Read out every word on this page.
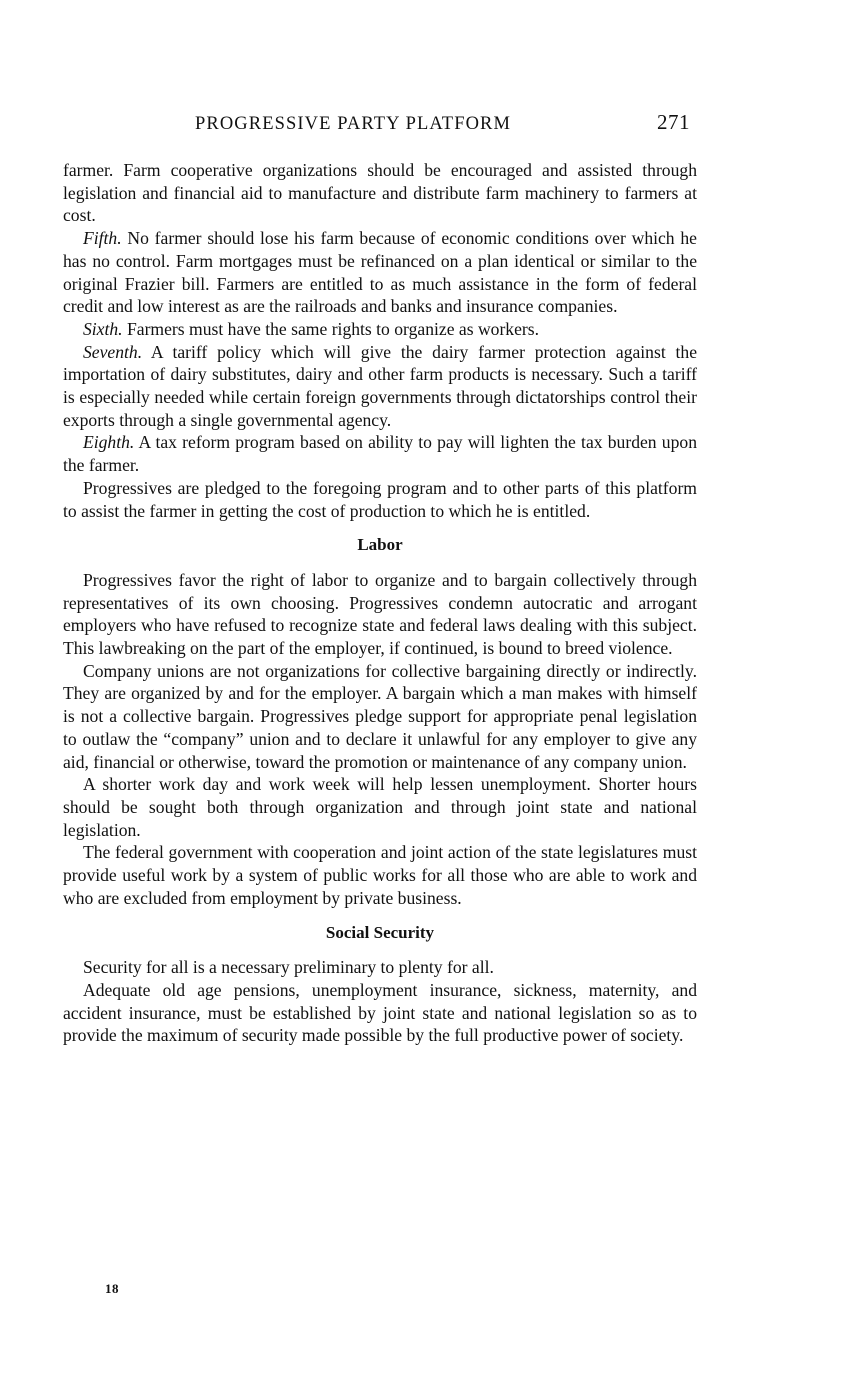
PROGRESSIVE PARTY PLATFORM	271

farmer. Farm cooperative organizations should be encouraged and assisted through legislation and financial aid to manufacture and distribute farm machinery to farmers at cost.

Fifth. No farmer should lose his farm because of economic conditions over which he has no control. Farm mortgages must be refinanced on a plan identical or similar to the original Frazier bill. Farmers are entitled to as much assistance in the form of federal credit and low interest as are the railroads and banks and insurance companies.

Sixth. Farmers must have the same rights to organize as workers.

Seventh. A tariff policy which will give the dairy farmer protection against the importation of dairy substitutes, dairy and other farm products is necessary. Such a tariff is especially needed while certain foreign governments through dictatorships control their exports through a single governmental agency.

Eighth. A tax reform program based on ability to pay will lighten the tax burden upon the farmer.

Progressives are pledged to the foregoing program and to other parts of this platform to assist the farmer in getting the cost of production to which he is entitled.

Labor

Progressives favor the right of labor to organize and to bargain collectively through representatives of its own choosing. Progressives condemn autocratic and arrogant employers who have refused to recognize state and federal laws dealing with this subject. This lawbreaking on the part of the employer, if continued, is bound to breed violence.

Company unions are not organizations for collective bargaining directly or indirectly. They are organized by and for the employer. A bargain which a man makes with himself is not a collective bargain. Progressives pledge support for appropriate penal legislation to outlaw the “company” union and to declare it unlawful for any employer to give any aid, financial or otherwise, toward the promotion or maintenance of any company union.

A shorter work day and work week will help lessen unemployment. Shorter hours should be sought both through organization and through joint state and national legislation.

The federal government with cooperation and joint action of the state legislatures must provide useful work by a system of public works for all those who are able to work and who are excluded from employment by private business.

Social Security

Security for all is a necessary preliminary to plenty for all.

Adequate old age pensions, unemployment insurance, sickness, maternity, and accident insurance, must be established by joint state and national legislation so as to provide the maximum of security made possible by the full productive power of society.

18
